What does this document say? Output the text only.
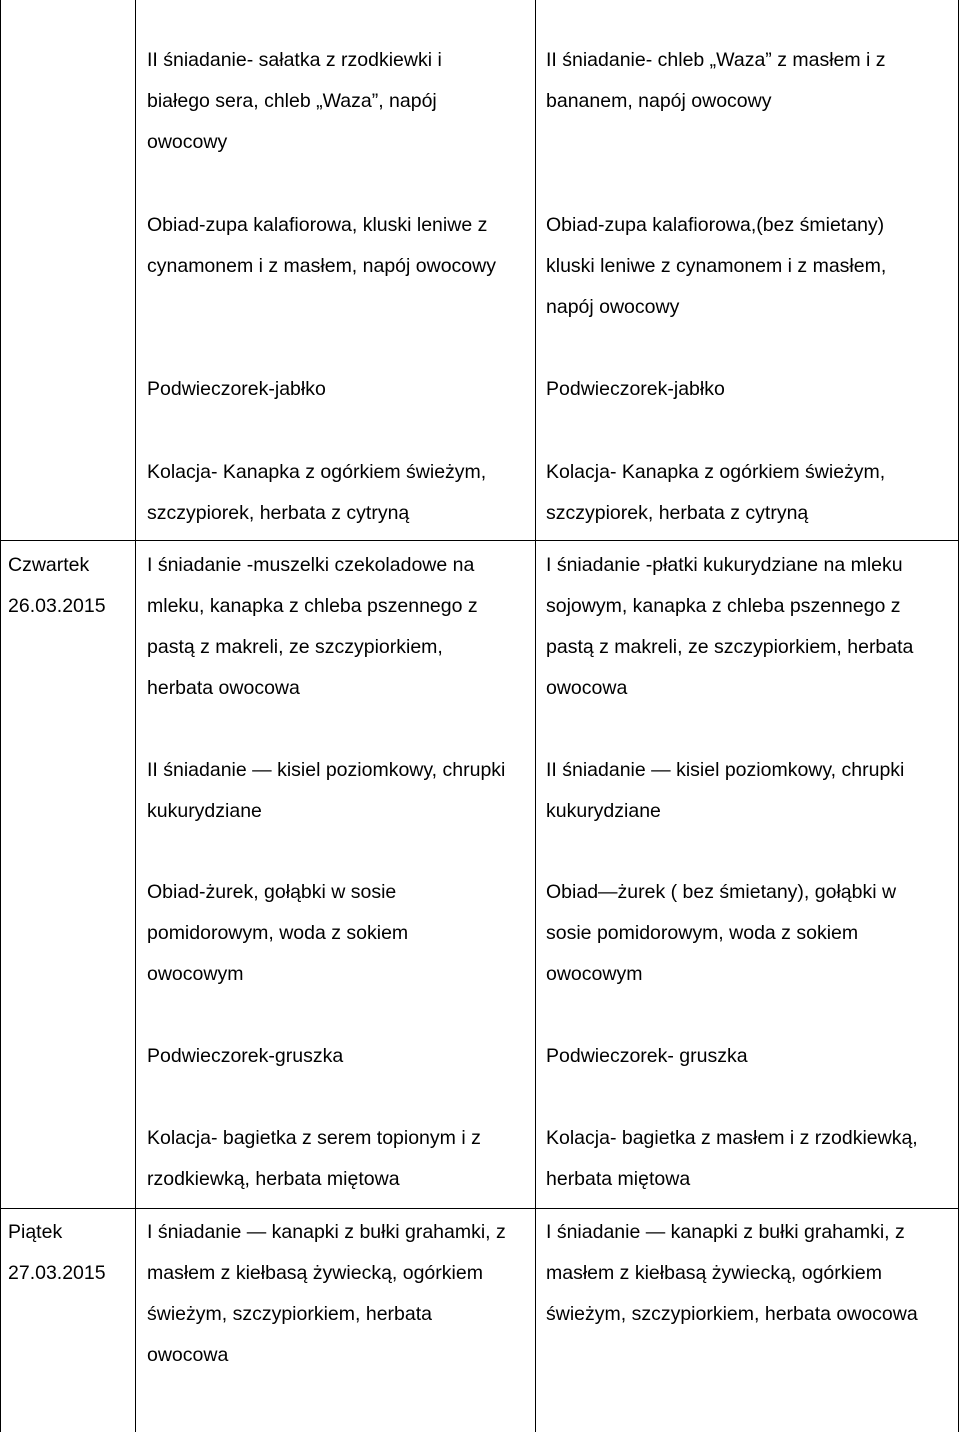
II śniadanie- sałatka z rzodkiewki i
białego sera, chleb „Waza”, napój
owocowy
II śniadanie- chleb „Waza” z masłem i z
bananem, napój owocowy
Obiad-zupa kalafiorowa, kluski leniwe z
cynamonem i z masłem, napój owocowy
Obiad-zupa kalafiorowa,(bez śmietany)
kluski leniwe z cynamonem i z masłem,
napój owocowy
Podwieczorek-jabłko	Podwieczorek-jabłko
Kolacja- Kanapka z ogórkiem świeżym,
szczypiorek, herbata z cytryną
Kolacja- Kanapka z ogórkiem świeżym,
szczypiorek, herbata z cytryną
Czwartek
26.03.2015
I śniadanie -muszelki czekoladowe na
mleku, kanapka z chleba pszennego z
pastą z makreli, ze szczypiorkiem,
herbata owocowa
I śniadanie -płatki kukurydziane na mleku
sojowym, kanapka z chleba pszennego z
pastą z makreli, ze szczypiorkiem, herbata
owocowa
II śniadanie — kisiel poziomkowy, chrupki
kukurydziane
II śniadanie — kisiel poziomkowy, chrupki
kukurydziane
Obiad-żurek, gołąbki w sosie
pomidorowym, woda z sokiem
owocowym
Obiad—żurek ( bez śmietany), gołąbki w
sosie pomidorowym, woda z sokiem
owocowym
Podwieczorek-gruszka	Podwieczorek- gruszka
Kolacja- bagietka z serem topionym i z
rzodkiewką, herbata miętowa
Kolacja- bagietka z masłem i z rzodkiewką,
herbata miętowa
Piątek
27.03.2015
I śniadanie — kanapki z bułki grahamki, z
masłem z kiełbasą żywiecką, ogórkiem
świeżym, szczypiorkiem, herbata
owocowa
I śniadanie — kanapki z bułki grahamki, z
masłem z kiełbasą żywiecką, ogórkiem
świeżym, szczypiorkiem, herbata owocowa
